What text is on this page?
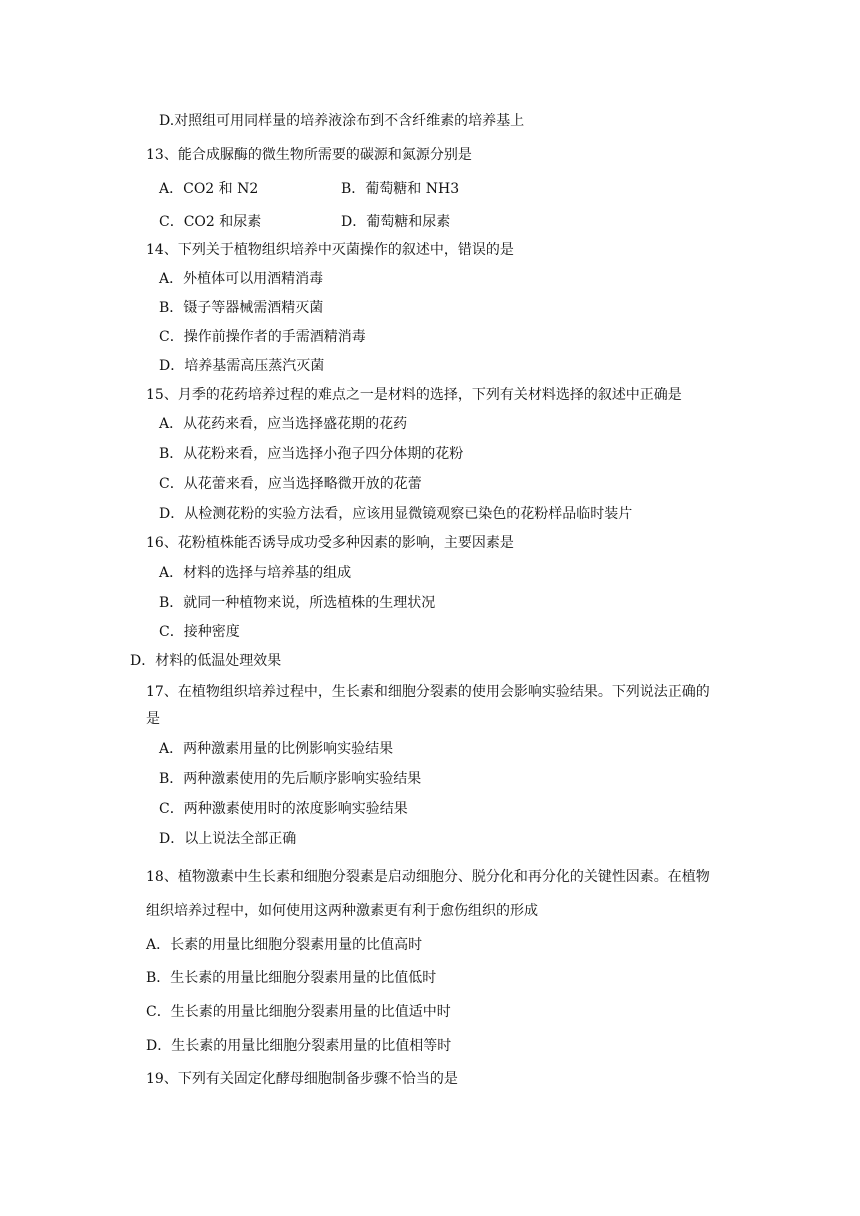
D.对照组可用同样量的培养液涂布到不含纤维素的培养基上
13、能合成脲酶的微生物所需要的碳源和氮源分别是
A．CO2 和 N2	B．葡萄糖和 NH3
C．CO2 和尿素	D．葡萄糖和尿素
14、下列关于植物组织培养中灭菌操作的叙述中，错误的是
A．外植体可以用酒精消毒
B．镊子等器械需酒精灭菌
C．操作前操作者的手需酒精消毒
D．培养基需高压蒸汽灭菌
15、月季的花药培养过程的难点之一是材料的选择，下列有关材料选择的叙述中正确是
A．从花药来看，应当选择盛花期的花药
B．从花粉来看，应当选择小孢子四分体期的花粉
C．从花蕾来看，应当选择略微开放的花蕾
D．从检测花粉的实验方法看，应该用显微镜观察已染色的花粉样品临时装片
16、花粉植株能否诱导成功受多种因素的影响，主要因素是
A．材料的选择与培养基的组成
B．就同一种植物来说，所选植株的生理状况
C．接种密度
D．材料的低温处理效果
17、在植物组织培养过程中，生长素和细胞分裂素的使用会影响实验结果。下列说法正确的
是
A．两种激素用量的比例影响实验结果
B．两种激素使用的先后顺序影响实验结果
C．两种激素使用时的浓度影响实验结果
D．以上说法全部正确
18、植物激素中生长素和细胞分裂素是启动细胞分、脱分化和再分化的关键性因素。在植物
组织培养过程中，如何使用这两种激素更有利于愈伤组织的形成
A．长素的用量比细胞分裂素用量的比值高时
B．生长素的用量比细胞分裂素用量的比值低时
C．生长素的用量比细胞分裂素用量的比值适中时
D．生长素的用量比细胞分裂素用量的比值相等时
19、下列有关固定化酵母细胞制备步骤不恰当的是
